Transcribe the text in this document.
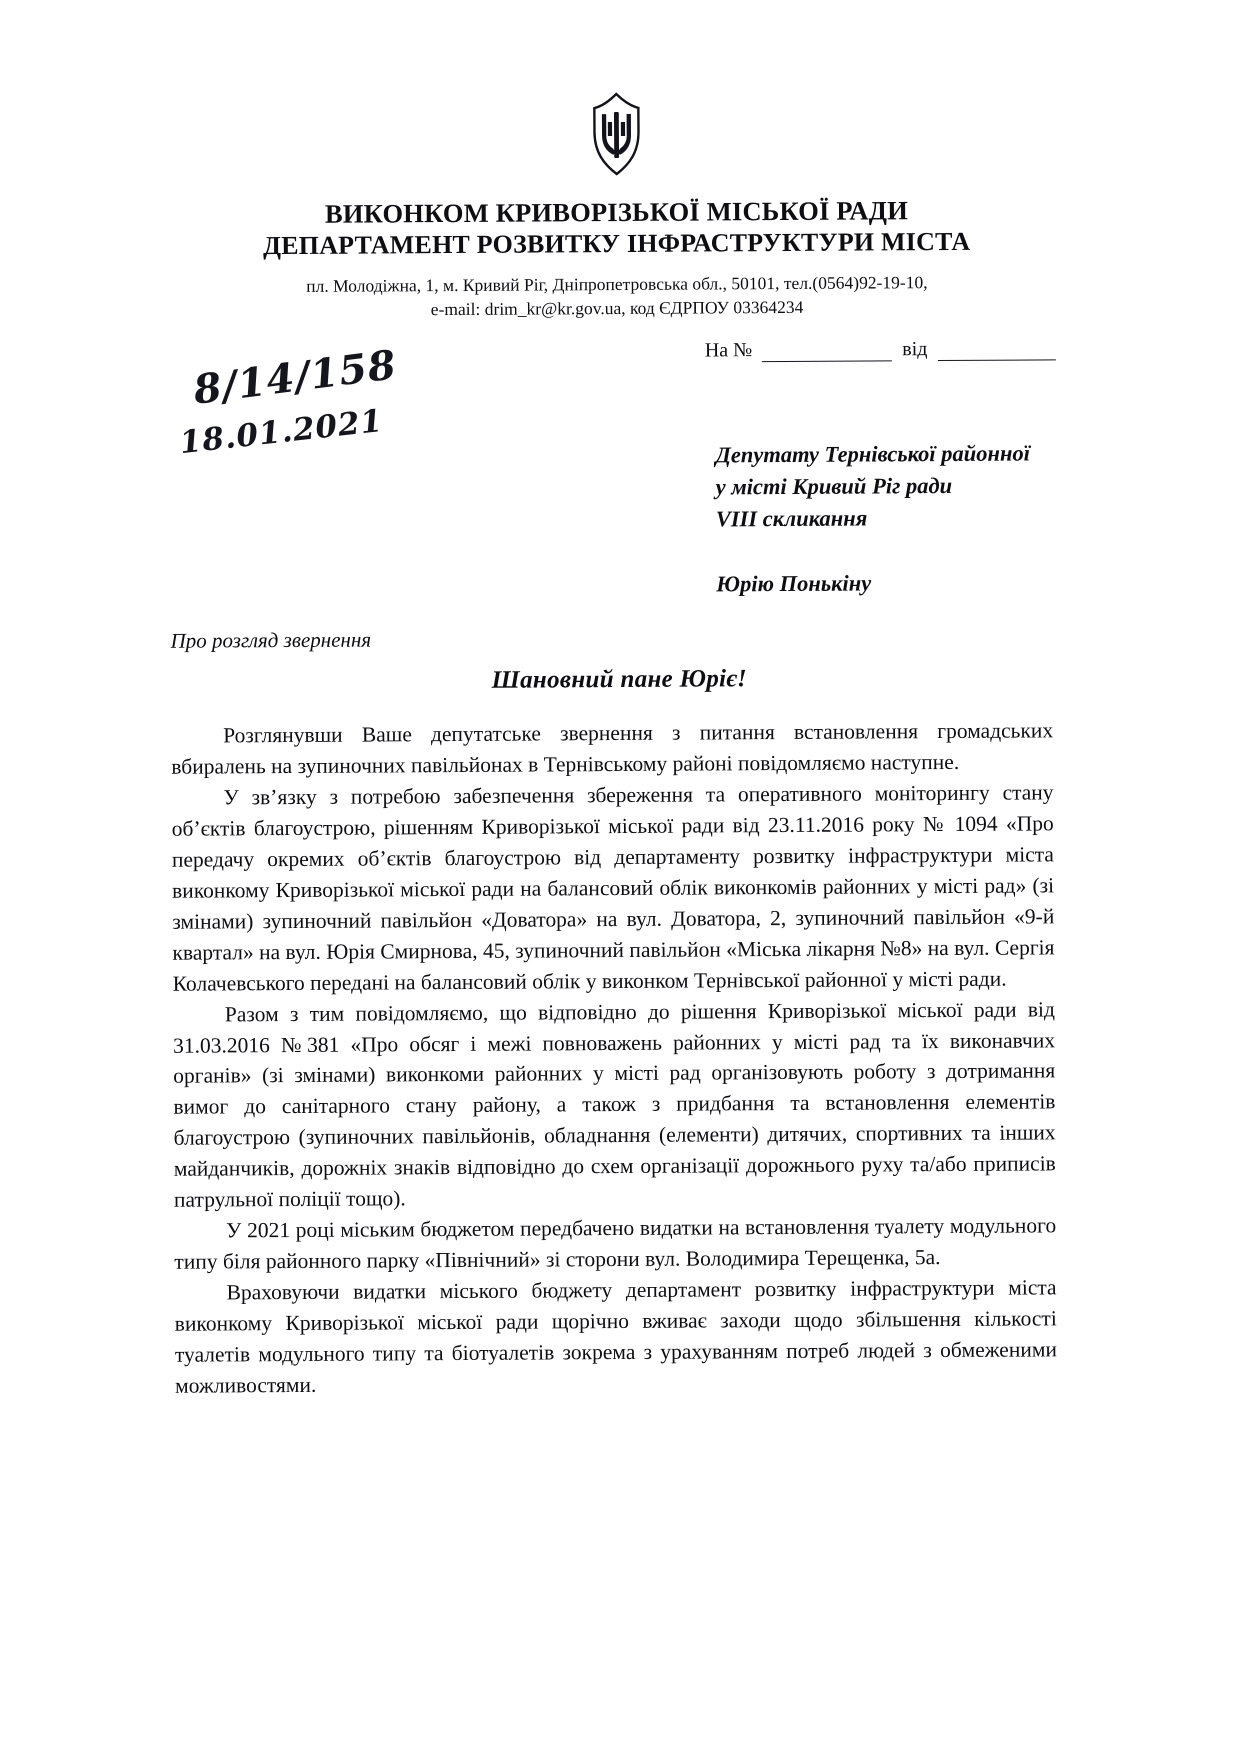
ВИКОНКОМ КРИВОРІЗЬКОЇ МІСЬКОЇ РАДИ
ДЕПАРТАМЕНТ РОЗВИТКУ ІНФРАСТРУКТУРИ МІСТА
пл. Молодіжна, 1, м. Кривий Ріг, Дніпропетровська обл., 50101, тел.(0564)92-19-10,
e-mail: drim_kr@kr.gov.ua, код ЄДРПОУ 03364234
На №	від
8/14/158
18.01.2021	Депутату Тернівської районної
у місті Кривий Ріг ради
VIII скликання
Юрію Понькіну
Про розгляд звернення
Шановний пане Юріє!

Розглянувши Ваше депутатське звернення з питання встановлення громадських вбиралень на зупиночних павільйонах в Тернівському районі повідомляємо наступне.

У зв’язку з потребою забезпечення збереження та оперативного моніторингу стану об’єктів благоустрою, рішенням Криворізької міської ради від 23.11.2016 року № 1094 «Про передачу окремих об’єктів благоустрою від департаменту розвитку інфраструктури міста виконкому Криворізької міської ради на балансовий облік виконкомів районних у місті рад» (зі змінами) зупиночний павільйон «Доватора» на вул. Доватора, 2, зупиночний павільйон «9-й квартал» на вул. Юрія Смирнова, 45, зупиночний павільйон «Міська лікарня №8» на вул. Сергія Колачевського передані на балансовий облік у виконком Тернівської районної у місті ради.

Разом з тим повідомляємо, що відповідно до рішення Криворізької міської ради від 31.03.2016 №381 «Про обсяг і межі повноважень районних у місті рад та їх виконавчих органів» (зі змінами) виконкоми районних у місті рад організовують роботу з дотримання вимог до санітарного стану району, а також з придбання та встановлення елементів благоустрою (зупиночних павільйонів, обладнання (елементи) дитячих, спортивних та інших майданчиків, дорожніх знаків відповідно до схем організації дорожнього руху та/або приписів патрульної поліції тощо).

У 2021 році міським бюджетом передбачено видатки на встановлення туалету модульного типу біля районного парку «Північний» зі сторони вул. Володимира Терещенка, 5а.

Враховуючи видатки міського бюджету департамент розвитку інфраструктури міста виконкому Криворізької міської ради щорічно вживає заходи щодо збільшення кількості туалетів модульного типу та біотуалетів зокрема з урахуванням потреб людей з обмеженими можливостями.
